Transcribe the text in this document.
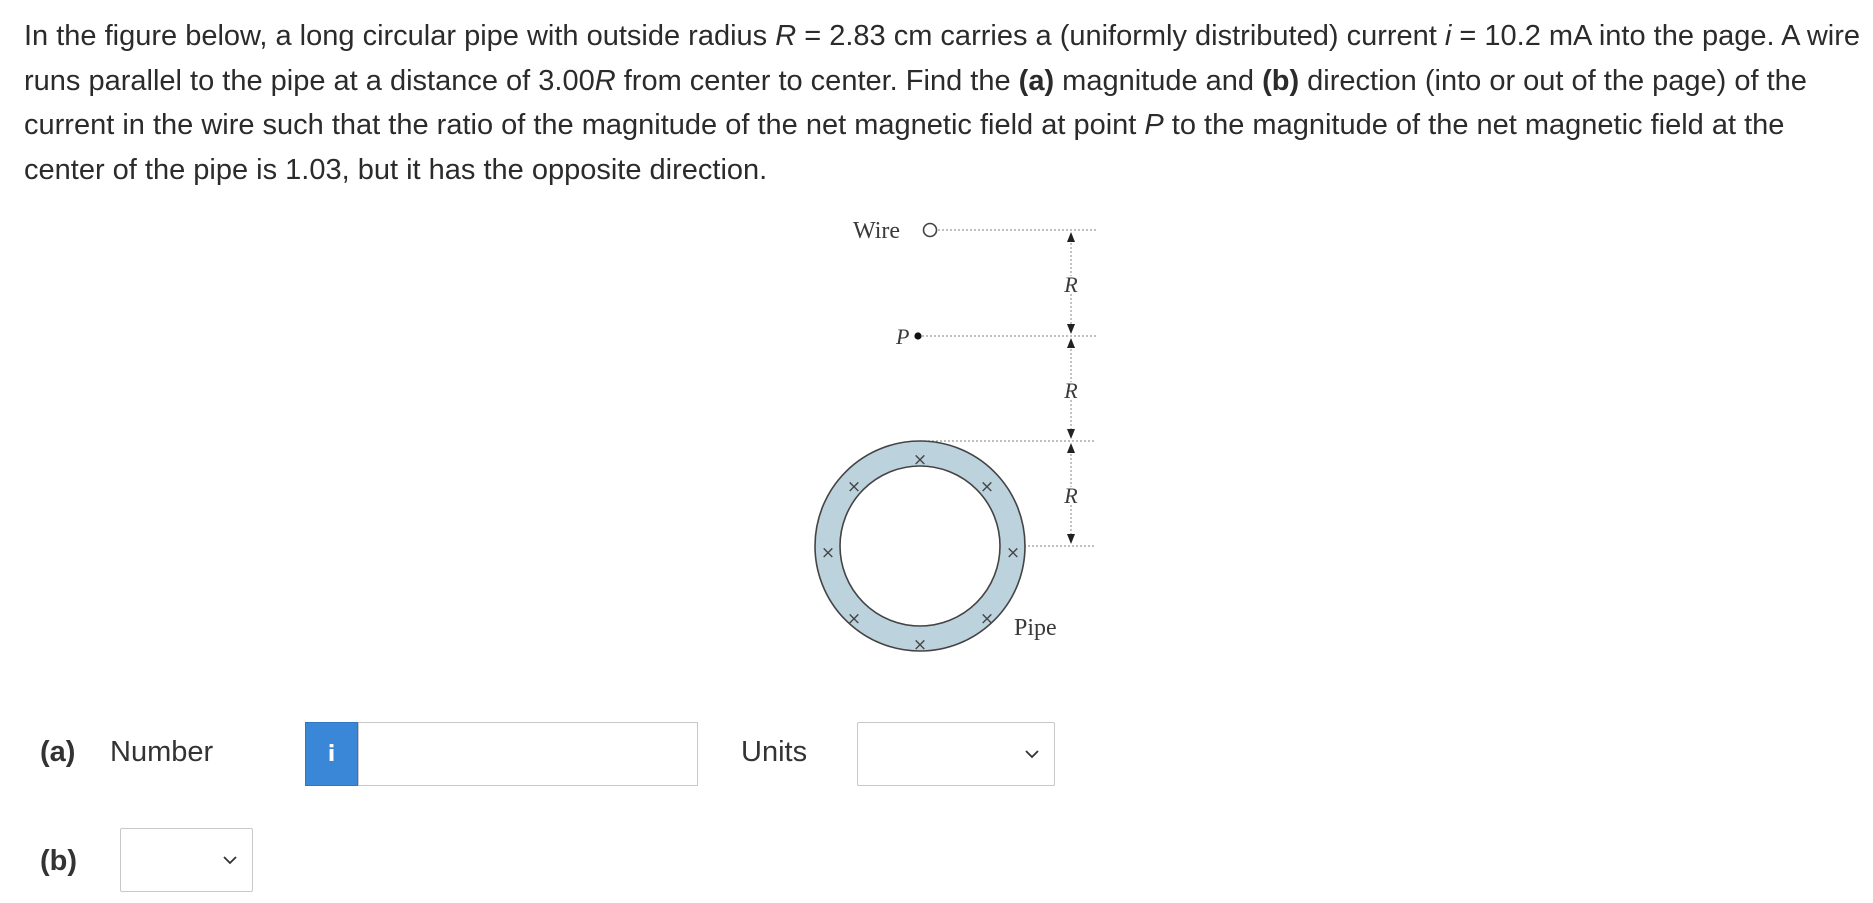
In the figure below, a long circular pipe with outside radius R = 2.83 cm carries a (uniformly distributed) current i = 10.2 mA into the page. A wire runs parallel to the pipe at a distance of 3.00R from center to center. Find the (a) magnitude and (b) direction (into or out of the page) of the current in the wire such that the ratio of the magnitude of the net magnetic field at point P to the magnitude of the net magnetic field at the center of the pipe is 1.03, but it has the opposite direction.
R
R
R
Wire
P
×
×	×
×	×
×	×
×
Pipe
(a) Number	i	Units
(b)
